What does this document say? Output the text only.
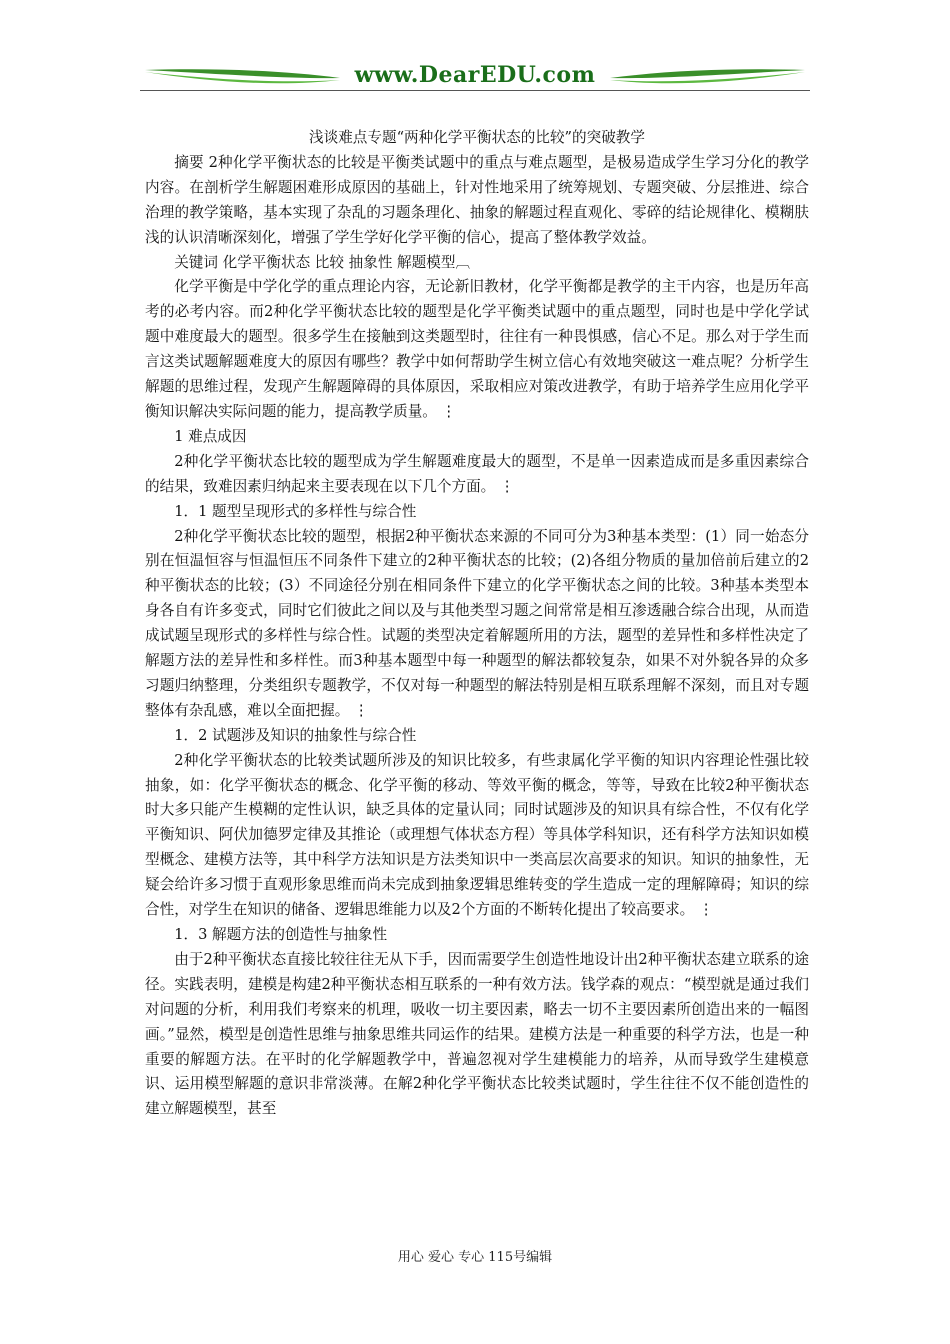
www.DearEDU.com

浅谈难点专题“两种化学平衡状态的比较”的突破教学

摘要 2种化学平衡状态的比较是平衡类试题中的重点与难点题型，是极易造成学生学习分化的教学内容。在剖析学生解题困难形成原因的基础上，针对性地采用了统筹规划、专题突破、分层推进、综合治理的教学策略，基本实现了杂乱的习题条理化、抽象的解题过程直观化、零碎的结论规律化、模糊肤浅的认识清晰深刻化，增强了学生学好化学平衡的信心，提高了整体教学效益。

关键词 化学平衡状态 比较 抽象性 解题模型︹

化学平衡是中学化学的重点理论内容，无论新旧教材，化学平衡都是教学的主干内容，也是历年高考的必考内容。而2种化学平衡状态比较的题型是化学平衡类试题中的重点题型，同时也是中学化学试题中难度最大的题型。很多学生在接触到这类题型时，往往有一种畏惧感，信心不足。那么对于学生而言这类试题解题难度大的原因有哪些？教学中如何帮助学生树立信心有效地突破这一难点呢？分析学生解题的思维过程，发现产生解题障碍的具体原因，采取相应对策改进教学，有助于培养学生应用化学平衡知识解决实际问题的能力，提高教学质量。 ⋮

1 难点成因

2种化学平衡状态比较的题型成为学生解题难度最大的题型，不是单一因素造成而是多重因素综合的结果，致难因素归纳起来主要表现在以下几个方面。 ⋮

1．1 题型呈现形式的多样性与综合性

2种化学平衡状态比较的题型，根据2种平衡状态来源的不同可分为3种基本类型：(1）同一始态分别在恒温恒容与恒温恒压不同条件下建立的2种平衡状态的比较；(2)各组分物质的量加倍前后建立的2种平衡状态的比较；(3）不同途径分别在相同条件下建立的化学平衡状态之间的比较。3种基本类型本身各自有许多变式，同时它们彼此之间以及与其他类型习题之间常常是相互渗透融合综合出现，从而造成试题呈现形式的多样性与综合性。试题的类型决定着解题所用的方法，题型的差异性和多样性决定了解题方法的差异性和多样性。而3种基本题型中每一种题型的解法都较复杂，如果不对外貌各异的众多习题归纳整理，分类组织专题教学，不仅对每一种题型的解法特别是相互联系理解不深刻，而且对专题整体有杂乱感，难以全面把握。 ⋮

1．2 试题涉及知识的抽象性与综合性

2种化学平衡状态的比较类试题所涉及的知识比较多，有些隶属化学平衡的知识内容理论性强比较抽象，如：化学平衡状态的概念、化学平衡的移动、等效平衡的概念，等等，导致在比较2种平衡状态时大多只能产生模糊的定性认识，缺乏具体的定量认同；同时试题涉及的知识具有综合性，不仅有化学平衡知识、阿伏加德罗定律及其推论（或理想气体状态方程）等具体学科知识，还有科学方法知识如模型概念、建模方法等，其中科学方法知识是方法类知识中一类高层次高要求的知识。知识的抽象性，无疑会给许多习惯于直观形象思维而尚未完成到抽象逻辑思维转变的学生造成一定的理解障碍；知识的综合性，对学生在知识的储备、逻辑思维能力以及2个方面的不断转化提出了较高要求。 ⋮

1．3 解题方法的创造性与抽象性

由于2种平衡状态直接比较往往无从下手，因而需要学生创造性地设计出2种平衡状态建立联系的途径。实践表明，建模是构建2种平衡状态相互联系的一种有效方法。钱学森的观点：“模型就是通过我们对问题的分析，利用我们考察来的机理，吸收一切主要因素，略去一切不主要因素所创造出来的一幅图画。”显然，模型是创造性思维与抽象思维共同运作的结果。建模方法是一种重要的科学方法，也是一种重要的解题方法。在平时的化学解题教学中，普遍忽视对学生建模能力的培养，从而导致学生建模意识、运用模型解题的意识非常淡薄。在解2种化学平衡状态比较类试题时，学生往往不仅不能创造性的建立解题模型，甚至

用心 爱心 专心 115号编辑
